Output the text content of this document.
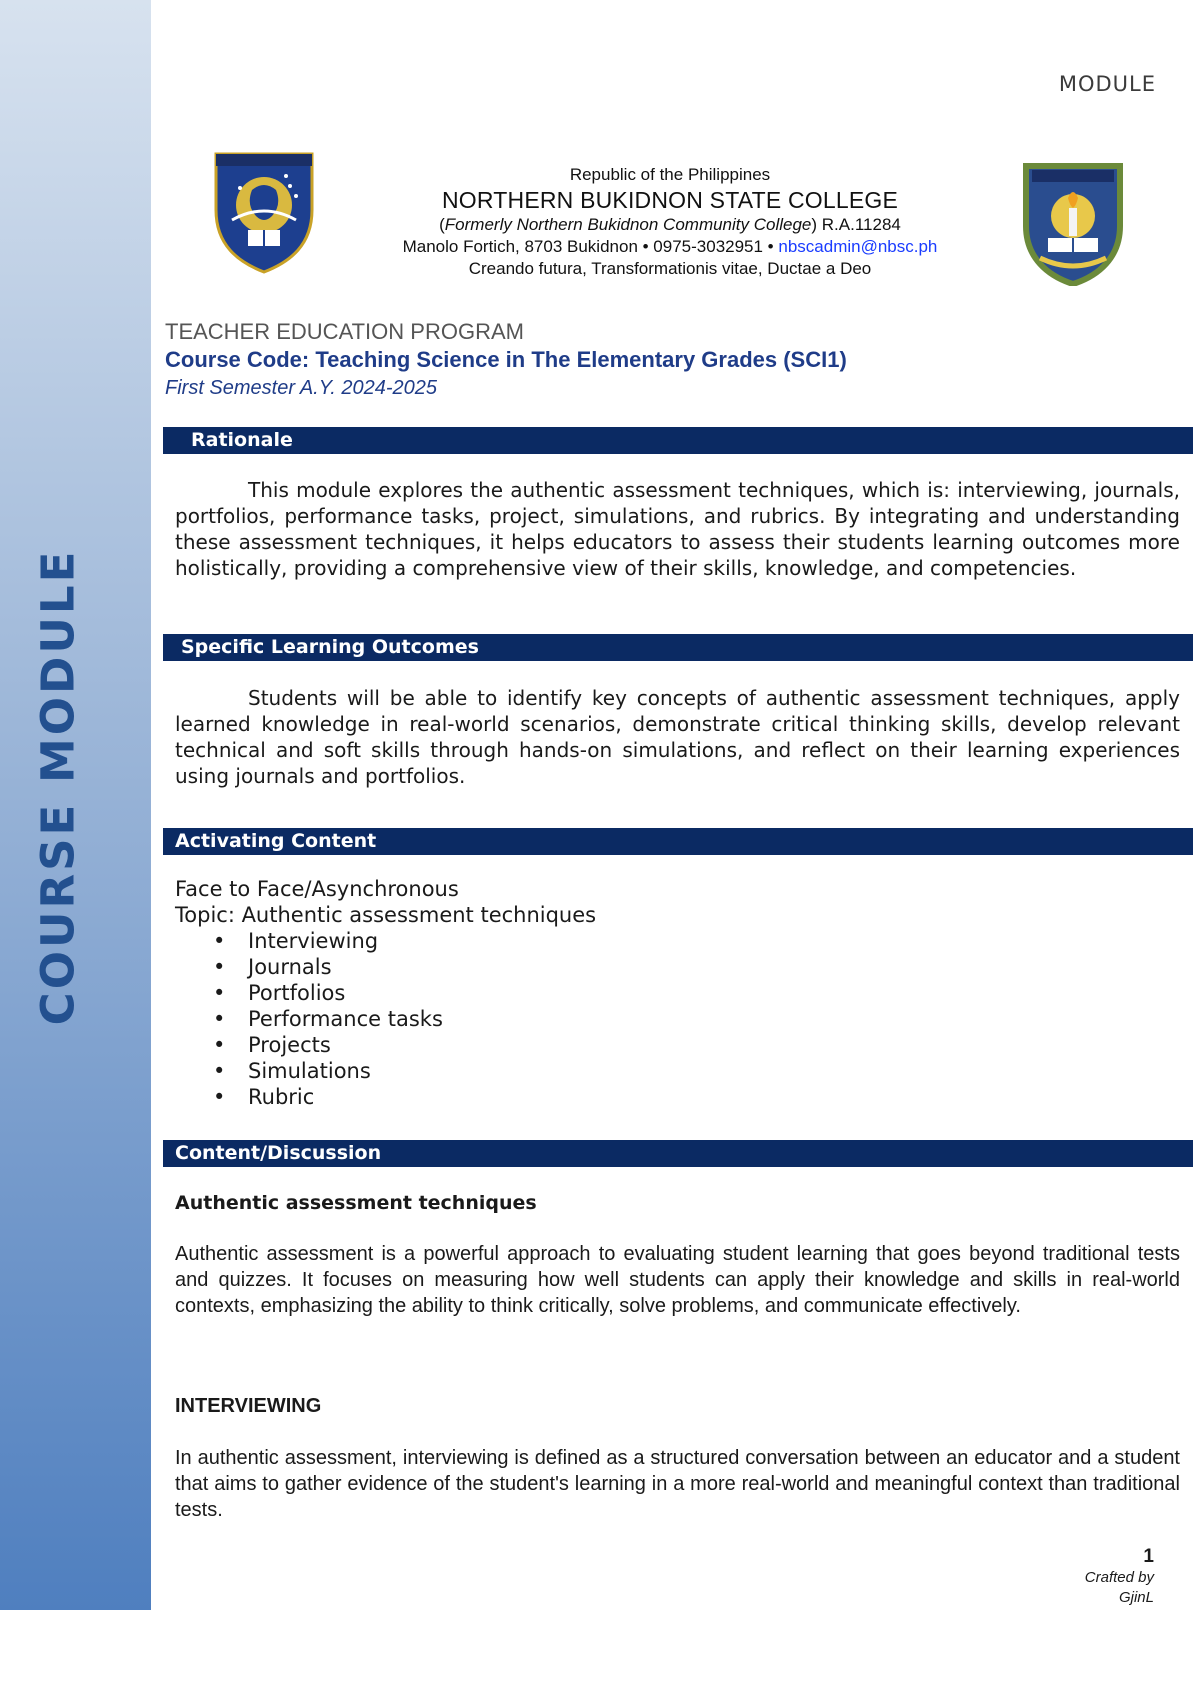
COURSE MODULE
MODULE
Republic of the Philippines
NORTHERN BUKIDNON STATE COLLEGE
(Formerly Northern Bukidnon Community College) R.A.11284
Manolo Fortich, 8703 Bukidnon • 0975-3032951 • nbscadmin@nbsc.ph
Creando futura, Transformationis vitae, Ductae a Deo
TEACHER EDUCATION PROGRAM
Course Code: Teaching Science in The Elementary Grades (SCI1)
First Semester A.Y. 2024-2025
Rationale

This module explores the authentic assessment techniques, which is: interviewing, journals, portfolios, performance tasks, project, simulations, and rubrics. By integrating and understanding these assessment techniques, it helps educators to assess their students learning outcomes more holistically, providing a comprehensive view of their skills, knowledge, and competencies.

Specific Learning Outcomes

Students will be able to identify key concepts of authentic assessment techniques, apply learned knowledge in real-world scenarios, demonstrate critical thinking skills, develop relevant technical and soft skills through hands-on simulations, and reflect on their learning experiences using journals and portfolios.

Activating Content
Face to Face/Asynchronous
Topic: Authentic assessment techniques
• Interviewing
• Journals
• Portfolios
• Performance tasks
• Projects
• Simulations
• Rubric
Content/Discussion
Authentic assessment techniques

Authentic assessment is a powerful approach to evaluating student learning that goes beyond traditional tests and quizzes. It focuses on measuring how well students can apply their knowledge and skills in real-world contexts, emphasizing the ability to think critically, solve problems, and communicate effectively.

INTERVIEWING

In authentic assessment, interviewing is defined as a structured conversation between an educator and a student that aims to gather evidence of the student's learning in a more real-world and meaningful context than traditional tests.

1
Crafted by
GjinL
